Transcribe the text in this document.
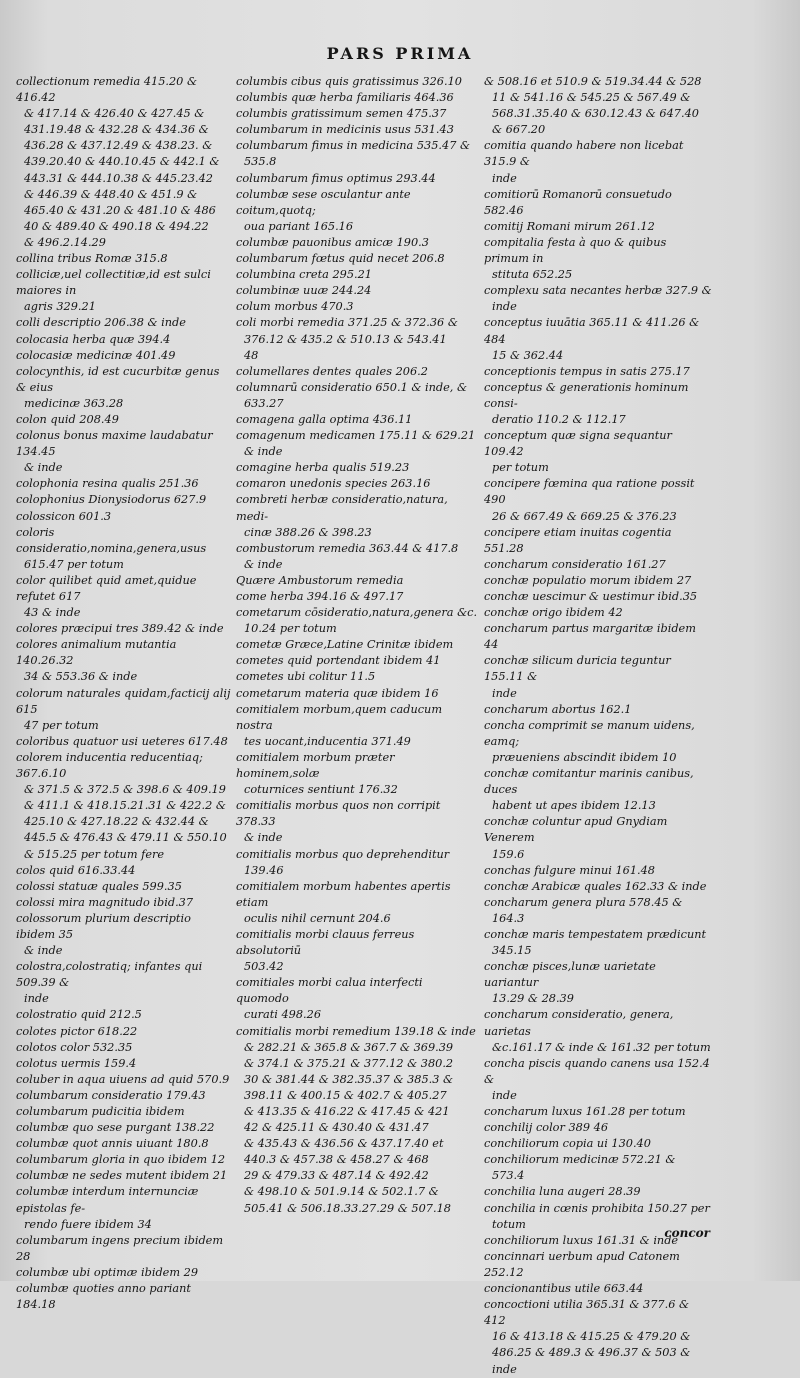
PARS PRIMA
collectionum remedia 415.20 & 416.42
& 417.14 & 426.40 & 427.45 &
431.19.48 & 432.28 & 434.36 &
436.28 & 437.12.49 & 438.23. &
439.20.40 & 440.10.45 & 442.1 &
443.31 & 444.10.38 & 445.23.42
& 446.39 & 448.40 & 451.9 &
465.40 & 431.20 & 481.10 & 486
40 & 489.40 & 490.18 & 494.22
& 496.2.14.29
collina tribus Romæ 315.8
colliciæ,uel collectitiæ,id est sulci maiores in
agris 329.21
colli descriptio 206.38 & inde
colocasia herba quæ 394.4
colocasiæ medicinæ 401.49
colocynthis, id est cucurbitæ genus & eius
medicinæ 363.28
colon quid 208.49
colonus bonus maxime laudabatur 134.45
& inde
colophonia resina qualis 251.36
colophonius Dionysiodorus 627.9
colossicon 601.3
coloris consideratio,nomina,genera,usus
615.47 per totum
color quilibet quid amet,quidue refutet 617
43 & inde
colores præcipui tres 389.42 & inde
colores animalium mutantia 140.26.32
34 & 553.36 & inde
colorum naturales quidam,facticij alij 615
47 per totum
coloribus quatuor usi ueteres 617.48
colorem inducentia reducentiaq; 367.6.10
& 371.5 & 372.5 & 398.6 & 409.19
& 411.1 & 418.15.21.31 & 422.2 &
425.10 & 427.18.22 & 432.44 &
445.5 & 476.43 & 479.11 & 550.10
& 515.25 per totum fere
colos quid 616.33.44
colossi statuæ quales 599.35
colossi mira magnitudo ibid.37
colossorum plurium descriptio ibidem 35
& inde
colostra,colostratiq; infantes qui 509.39 &
inde
colostratio quid 212.5
colotes pictor 618.22
colotos color 532.35
colotus uermis 159.4
coluber in aqua uiuens ad quid 570.9
columbarum consideratio 179.43
columbarum pudicitia ibidem
columbæ quo sese purgant 138.22
columbæ quot annis uiuant 180.8
columbarum gloria in quo ibidem 12
columbæ ne sedes mutent ibidem 21
columbæ interdum internunciæ epistolas fe-
rendo fuere ibidem 34
columbarum ingens precium ibidem 28
columbæ ubi optimæ ibidem 29
columbæ quoties anno pariant 184.18
columbis cibus quis gratissimus 326.10
columbis quæ herba familiaris 464.36
columbis gratissimum semen 475.37
columbarum in medicinis usus 531.43
columbarum fimus in medicina 535.47 &
535.8
columbarum fimus optimus 293.44
columbæ sese osculantur ante coitum,quotq;
oua pariant 165.16
columbæ pauonibus amicæ 190.3
columbarum fœtus quid necet 206.8
columbina creta 295.21
columbinæ uuæ 244.24
colum morbus 470.3
coli morbi remedia 371.25 & 372.36 &
376.12 & 435.2 & 510.13 & 543.41
48
columellares dentes quales 206.2
columnarū consideratio 650.1 & inde, &
633.27
comagena galla optima 436.11
comagenum medicamen 175.11 & 629.21
& inde
comagine herba qualis 519.23
comaron unedonis species 263.16
combreti herbæ consideratio,natura, medi-
cinæ 388.26 & 398.23
combustorum remedia 363.44 & 417.8
& inde
Quære Ambustorum remedia
come herba 394.16 & 497.17
cometarum cōsideratio,natura,genera &c.
10.24 per totum
cometæ Græce,Latine Crinitæ ibidem
cometes quid portendant ibidem 41
cometes ubi colitur 11.5
cometarum materia quæ ibidem 16
comitialem morbum,quem caducum nostra
tes uocant,inducentia 371.49
comitialem morbum præter hominem,solæ
coturnices sentiunt 176.32
comitialis morbus quos non corripit 378.33
& inde
comitialis morbus quo deprehenditur
139.46
comitialem morbum habentes apertis etiam
oculis nihil cernunt 204.6
comitialis morbi clauus ferreus absolutoriū
503.42
comitiales morbi calua interfecti quomodo
curati 498.26
comitialis morbi remedium 139.18 & inde
& 282.21 & 365.8 & 367.7 & 369.39
& 374.1 & 375.21 & 377.12 & 380.2
30 & 381.44 & 382.35.37 & 385.3 &
398.11 & 400.15 & 402.7 & 405.27
& 413.35 & 416.22 & 417.45 & 421
42 & 425.11 & 430.40 & 431.47
& 435.43 & 436.56 & 437.17.40 et
440.3 & 457.38 & 458.27 & 468
29 & 479.33 & 487.14 & 492.42
& 498.10 & 501.9.14 & 502.1.7 &
505.41 & 506.18.33.27.29 & 507.18
& 508.16 et 510.9 & 519.34.44 & 528
11 & 541.16 & 545.25 & 567.49 &
568.31.35.40 & 630.12.43 & 647.40
& 667.20
comitia quando habere non licebat 315.9 &
inde
comitiorū Romanorū consuetudo 582.46
comitij Romani mirum 261.12
compitalia festa à quo & quibus primum in
stituta 652.25
complexu sata necantes herbæ 327.9 &
inde
conceptus iuuātia 365.11 & 411.26 & 484
15 & 362.44
conceptionis tempus in satis 275.17
conceptus & generationis hominum consi-
deratio 110.2 & 112.17
conceptum quæ signa sequantur 109.42
per totum
concipere fœmina qua ratione possit 490
26 & 667.49 & 669.25 & 376.23
concipere etiam inuitas cogentia 551.28
concharum consideratio 161.27
conchæ populatio morum ibidem 27
conchæ uescimur & uestimur ibid.35
conchæ origo ibidem 42
concharum partus margaritæ ibidem 44
conchæ silicum duricia teguntur 155.11 &
inde
concharum abortus 162.1
concha comprimit se manum uidens, eamq;
præueniens abscindit ibidem 10
conchæ comitantur marinis canibus, duces
habent ut apes ibidem 12.13
conchæ coluntur apud Gnydiam Venerem
159.6
conchas fulgure minui 161.48
conchæ Arabicæ quales 162.33 & inde
concharum genera plura 578.45 &
164.3
conchæ maris tempestatem prædicunt
345.15
conchæ pisces,lunæ uarietate uariantur
13.29 & 28.39
concharum consideratio, genera, uarietas
&c.161.17 & inde & 161.32 per totum
concha piscis quando canens usa 152.4 &
inde
concharum luxus 161.28 per totum
conchilij color 389 46
conchiliorum copia ui 130.40
conchiliorum medicinæ 572.21 &
573.4
conchilia luna augeri 28.39
conchilia in cœnis prohibita 150.27 per
totum
conchiliorum luxus 161.31 & inde
concinnari uerbum apud Catonem 252.12
concionantibus utile 663.44
concoctioni utilia 365.31 & 377.6 & 412
16 & 413.18 & 415.25 & 479.20 &
486.25 & 489.3 & 496.37 & 503 &
inde
concor
